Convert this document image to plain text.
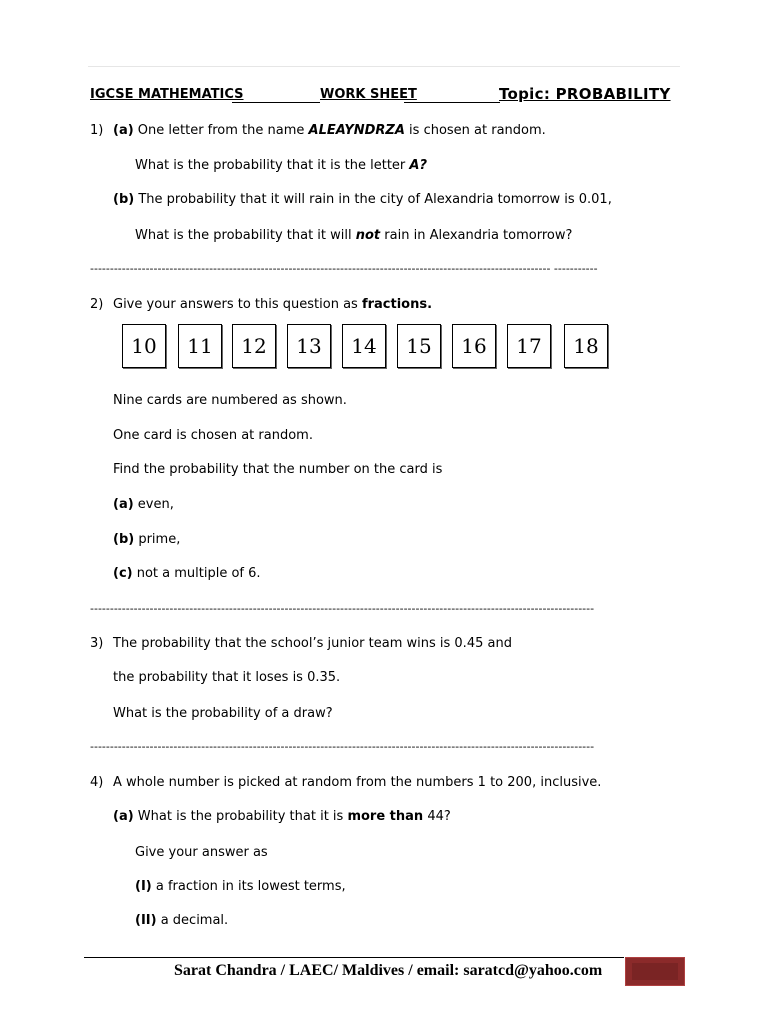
IGCSE MATHEMATICS	WORK SHEET	Topic: PROBABILITY
1) (a) One letter from the name ALEAYNDRZA is chosen at random.
What is the probability that it is the letter A?
(b) The probability that it will rain in the city of Alexandria tomorrow is 0.01,
What is the probability that it will not rain in Alexandria tomorrow?
-------------------------------------------------------------------------------------------------------------------- -----------
2) Give your answers to this question as fractions.
10	11	12	13	14	15	16	17	18
Nine cards are numbered as shown.
One card is chosen at random.
Find the probability that the number on the card is
(a) even,
(b) prime,
(c) not a multiple of 6.
-------------------------------------------------------------------------------------------------------------------------------
3) The probability that the school’s junior team wins is 0.45 and
the probability that it loses is 0.35.
What is the probability of a draw?
-------------------------------------------------------------------------------------------------------------------------------
4) A whole number is picked at random from the numbers 1 to 200, inclusive.
(a) What is the probability that it is more than 44?
Give your answer as
(I) a fraction in its lowest terms,
(II) a decimal.
Sarat Chandra / LAEC/ Maldives / email: saratcd@yahoo.com
